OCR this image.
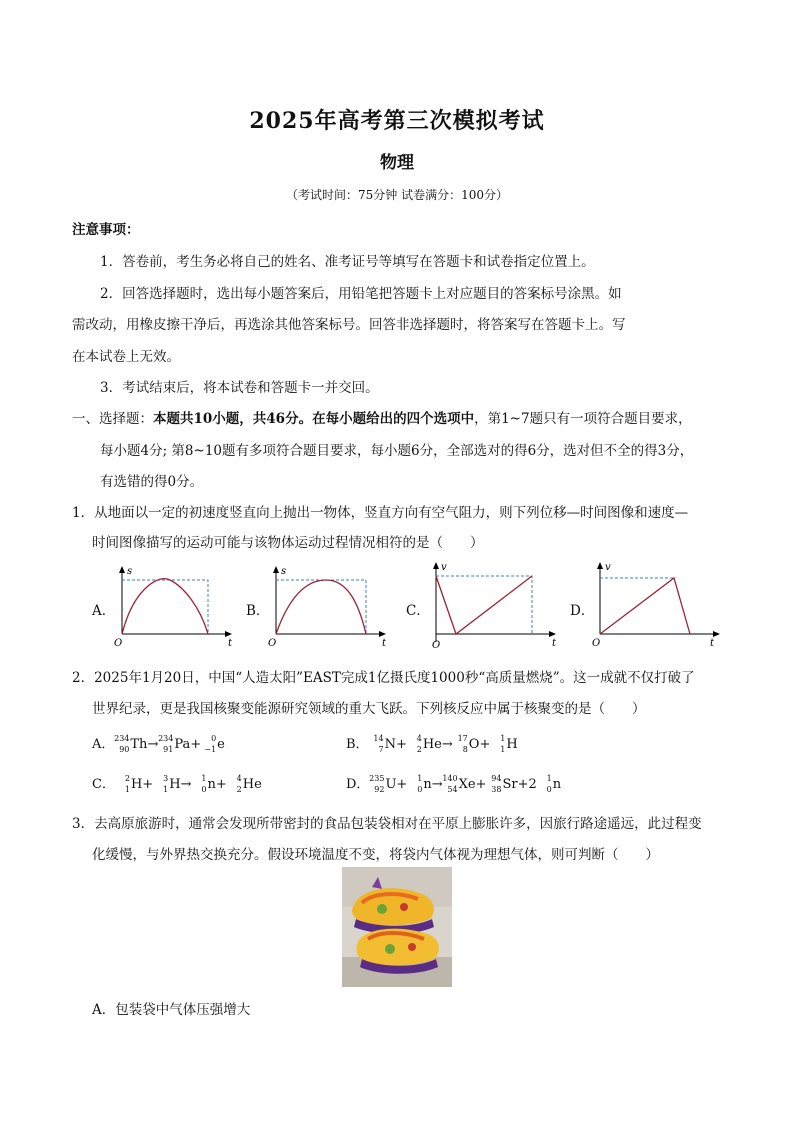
2025年高考第三次模拟考试
物理
（考试时间：75分钟 试卷满分：100分）
注意事项：
1．答卷前，考生务必将自己的姓名、准考证号等填写在答题卡和试卷指定位置上。
2．回答选择题时，选出每小题答案后，用铅笔把答题卡上对应题目的答案标号涂黑。如
需改动，用橡皮擦干净后，再选涂其他答案标号。回答非选择题时，将答案写在答题卡上。写
在本试卷上无效。
3．考试结束后，将本试卷和答题卡一并交回。
一、选择题：本题共10小题，共46分。在每小题给出的四个选项中，第1~7题只有一项符合题目要求，
每小题4分; 第8~10题有多项符合题目要求，每小题6分，全部选对的得6分，选对但不全的得3分，
有选错的得0分。
1．从地面以一定的初速度竖直向上抛出一物体，竖直方向有空气阻力，则下列位移—时间图像和速度—
时间图像描写的运动可能与该物体运动过程情况相符的是（　　）
A．
s
t
O
B．
s
t
O
C．
v
t
O
D．
v
t
O
2．2025年1月20日，中国“人造太阳”EAST完成1亿摄氏度1000秒“高质量燃烧”。这一成就不仅打破了
世界纪录，更是我国核聚变能源研究领域的重大飞跃。下列核反应中属于核聚变的是（　　）
A． 234
90 Th→ 234
91 Pa+ 0
−1 e	B． 14
7 N+ 4
2 He→ 17
8 O+ 1
1 H
C． 2
1 H+ 3
1 H→ 1
0 n+ 4
2 He	D． 235
92 U+ 1
0 n→ 140
54 Xe+ 94
38 Sr+2 1
0 n
3．去高原旅游时，通常会发现所带密封的食品包装袋相对在平原上膨胀许多，因旅行路途遥远，此过程变
化缓慢，与外界热交换充分。假设环境温度不变，将袋内气体视为理想气体，则可判断（　　）
A．包装袋中气体压强增大
